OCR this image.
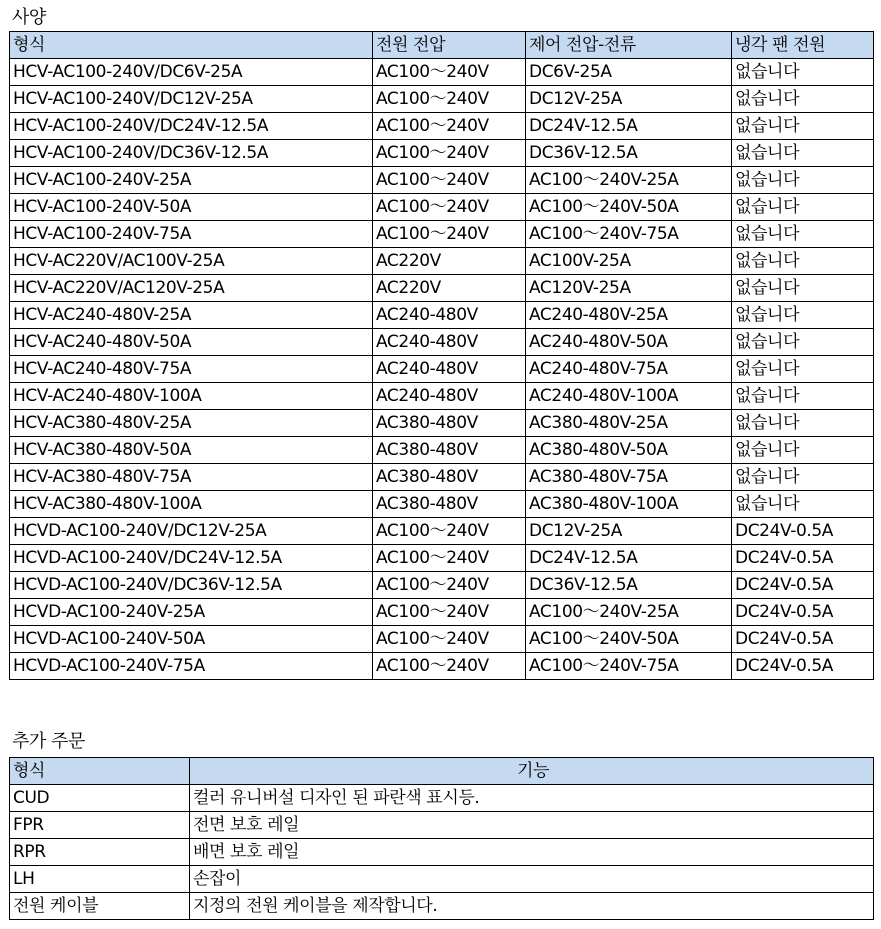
사양
형식	전원 전압	제어 전압-전류	냉각 팬 전원
HCV-AC100-240V/DC6V-25A	AC100～240V	DC6V-25A	없습니다
HCV-AC100-240V/DC12V-25A	AC100～240V	DC12V-25A	없습니다
HCV-AC100-240V/DC24V-12.5A	AC100～240V	DC24V-12.5A	없습니다
HCV-AC100-240V/DC36V-12.5A	AC100～240V	DC36V-12.5A	없습니다
HCV-AC100-240V-25A	AC100～240V	AC100～240V-25A	없습니다
HCV-AC100-240V-50A	AC100～240V	AC100～240V-50A	없습니다
HCV-AC100-240V-75A	AC100～240V	AC100～240V-75A	없습니다
HCV-AC220V/AC100V-25A	AC220V	AC100V-25A	없습니다
HCV-AC220V/AC120V-25A	AC220V	AC120V-25A	없습니다
HCV-AC240-480V-25A	AC240-480V	AC240-480V-25A	없습니다
HCV-AC240-480V-50A	AC240-480V	AC240-480V-50A	없습니다
HCV-AC240-480V-75A	AC240-480V	AC240-480V-75A	없습니다
HCV-AC240-480V-100A	AC240-480V	AC240-480V-100A	없습니다
HCV-AC380-480V-25A	AC380-480V	AC380-480V-25A	없습니다
HCV-AC380-480V-50A	AC380-480V	AC380-480V-50A	없습니다
HCV-AC380-480V-75A	AC380-480V	AC380-480V-75A	없습니다
HCV-AC380-480V-100A	AC380-480V	AC380-480V-100A	없습니다
HCVD-AC100-240V/DC12V-25A	AC100～240V	DC12V-25A	DC24V-0.5A
HCVD-AC100-240V/DC24V-12.5A	AC100～240V	DC24V-12.5A	DC24V-0.5A
HCVD-AC100-240V/DC36V-12.5A	AC100～240V	DC36V-12.5A	DC24V-0.5A
HCVD-AC100-240V-25A	AC100～240V	AC100～240V-25A	DC24V-0.5A
HCVD-AC100-240V-50A	AC100～240V	AC100～240V-50A	DC24V-0.5A
HCVD-AC100-240V-75A	AC100～240V	AC100～240V-75A	DC24V-0.5A
추가 주문
형식	기능
CUD	컬러 유니버설 디자인 된 파란색 표시등.
FPR	전면 보호 레일
RPR	배면 보호 레일
LH	손잡이
전원 케이블	지정의 전원 케이블을 제작합니다.
